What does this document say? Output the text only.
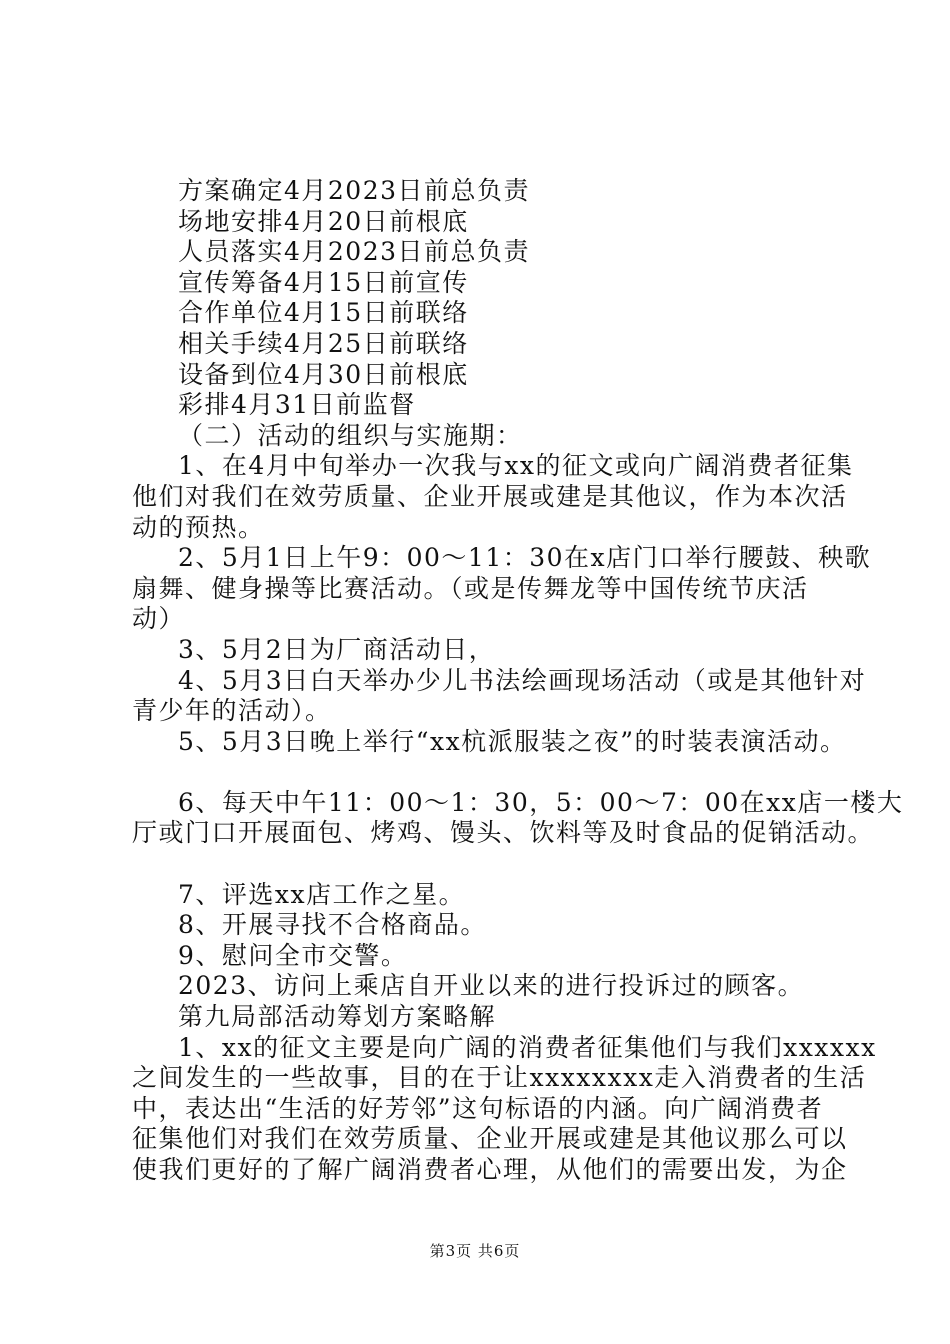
方案确定4月2023日前总负责
场地安排4月20日前根底
人员落实4月2023日前总负责
宣传筹备4月15日前宣传
合作单位4月15日前联络
相关手续4月25日前联络
设备到位4月30日前根底
彩排4月31日前监督
（二）活动的组织与实施期：
1、在4月中旬举办一次我与xx的征文或向广阔消费者征集
他们对我们在效劳质量、企业开展或建是其他议，作为本次活
动的预热。
2、5月1日上午9：00～11：30在x店门口举行腰鼓、秧歌
扇舞、健身操等比赛活动。（或是传舞龙等中国传统节庆活
动）
3、5月2日为厂商活动日，
4、5月3日白天举办少儿书法绘画现场活动（或是其他针对
青少年的活动）。
5、5月3日晚上举行“xx杭派服装之夜”的时装表演活动。
6、每天中午11：00～1：30，5：00～7：00在xx店一楼大
厅或门口开展面包、烤鸡、馒头、饮料等及时食品的促销活动。
7、评选xx店工作之星。
8、开展寻找不合格商品。
9、慰问全市交警。
2023、访问上乘店自开业以来的进行投诉过的顾客。
第九局部活动筹划方案略解
1、xx的征文主要是向广阔的消费者征集他们与我们xxxxxx
之间发生的一些故事，目的在于让xxxxxxxx走入消费者的生活
中，表达出“生活的好芳邻”这句标语的内涵。向广阔消费者
征集他们对我们在效劳质量、企业开展或建是其他议那么可以
使我们更好的了解广阔消费者心理，从他们的需要出发，为企
第3页 共6页
